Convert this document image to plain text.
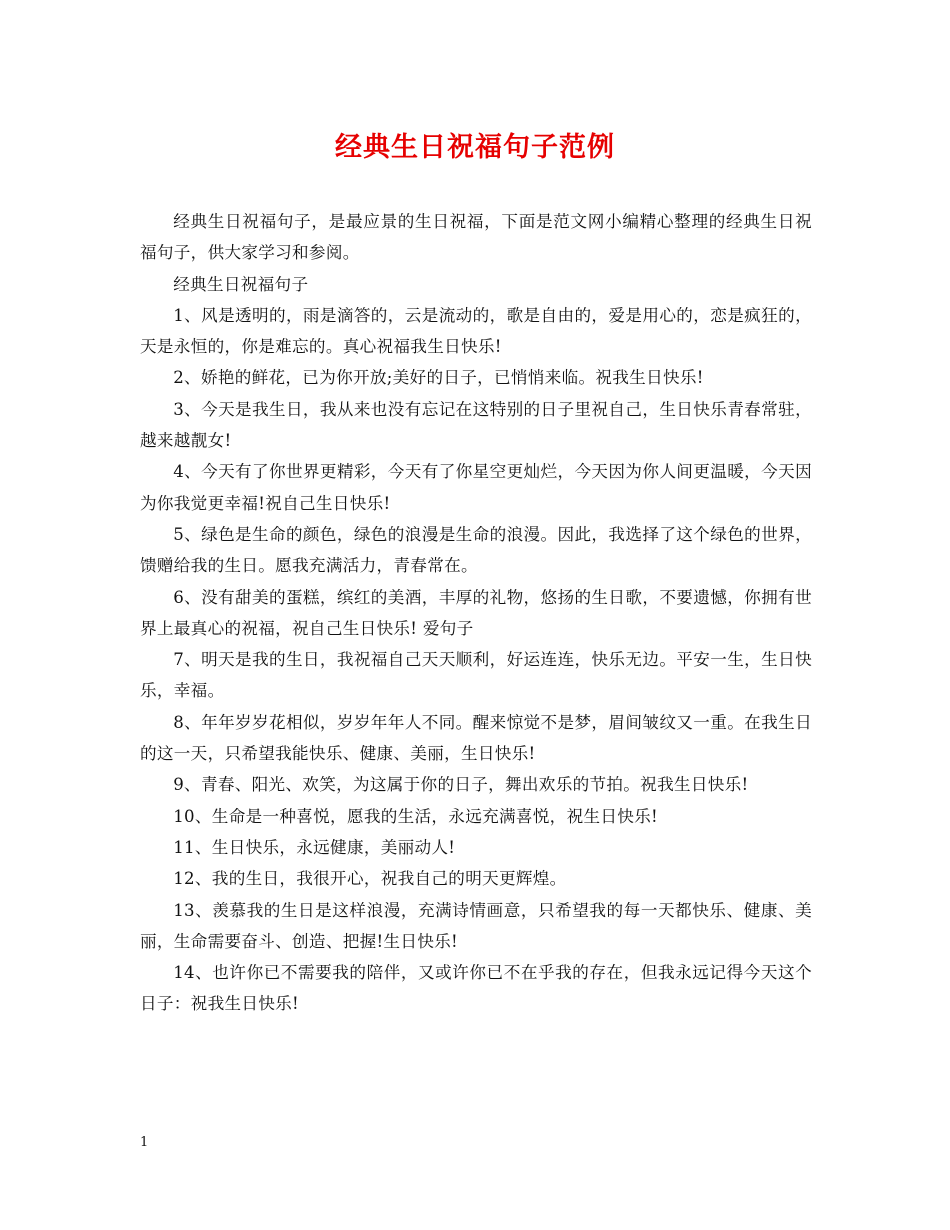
经典生日祝福句子范例

经典生日祝福句子，是最应景的生日祝福，下面是范文网小编精心整理的经典生日祝福句子，供大家学习和参阅。

经典生日祝福句子

1、风是透明的，雨是滴答的，云是流动的，歌是自由的，爱是用心的，恋是疯狂的，天是永恒的，你是难忘的。真心祝福我生日快乐!

2、娇艳的鲜花，已为你开放;美好的日子，已悄悄来临。祝我生日快乐!

3、今天是我生日，我从来也没有忘记在这特别的日子里祝自己，生日快乐青春常驻，越来越靓女!

4、今天有了你世界更精彩，今天有了你星空更灿烂，今天因为你人间更温暖，今天因为你我觉更幸福!祝自己生日快乐!

5、绿色是生命的颜色，绿色的浪漫是生命的浪漫。因此，我选择了这个绿色的世界，馈赠给我的生日。愿我充满活力，青春常在。

6、没有甜美的蛋糕，缤红的美酒，丰厚的礼物，悠扬的生日歌，不要遗憾，你拥有世界上最真心的祝福，祝自己生日快乐! 爱句子

7、明天是我的生日，我祝福自己天天顺利，好运连连，快乐无边。平安一生，生日快乐，幸福。

8、年年岁岁花相似，岁岁年年人不同。醒来惊觉不是梦，眉间皱纹又一重。在我生日的这一天，只希望我能快乐、健康、美丽，生日快乐!

9、青春、阳光、欢笑，为这属于你的日子，舞出欢乐的节拍。祝我生日快乐!

10、生命是一种喜悦，愿我的生活，永远充满喜悦，祝生日快乐!

11、生日快乐，永远健康，美丽动人!

12、我的生日，我很开心，祝我自己的明天更辉煌。

13、羡慕我的生日是这样浪漫，充满诗情画意，只希望我的每一天都快乐、健康、美丽，生命需要奋斗、创造、把握!生日快乐!

14、也许你已不需要我的陪伴，又或许你已不在乎我的存在，但我永远记得今天这个日子：祝我生日快乐!

1
